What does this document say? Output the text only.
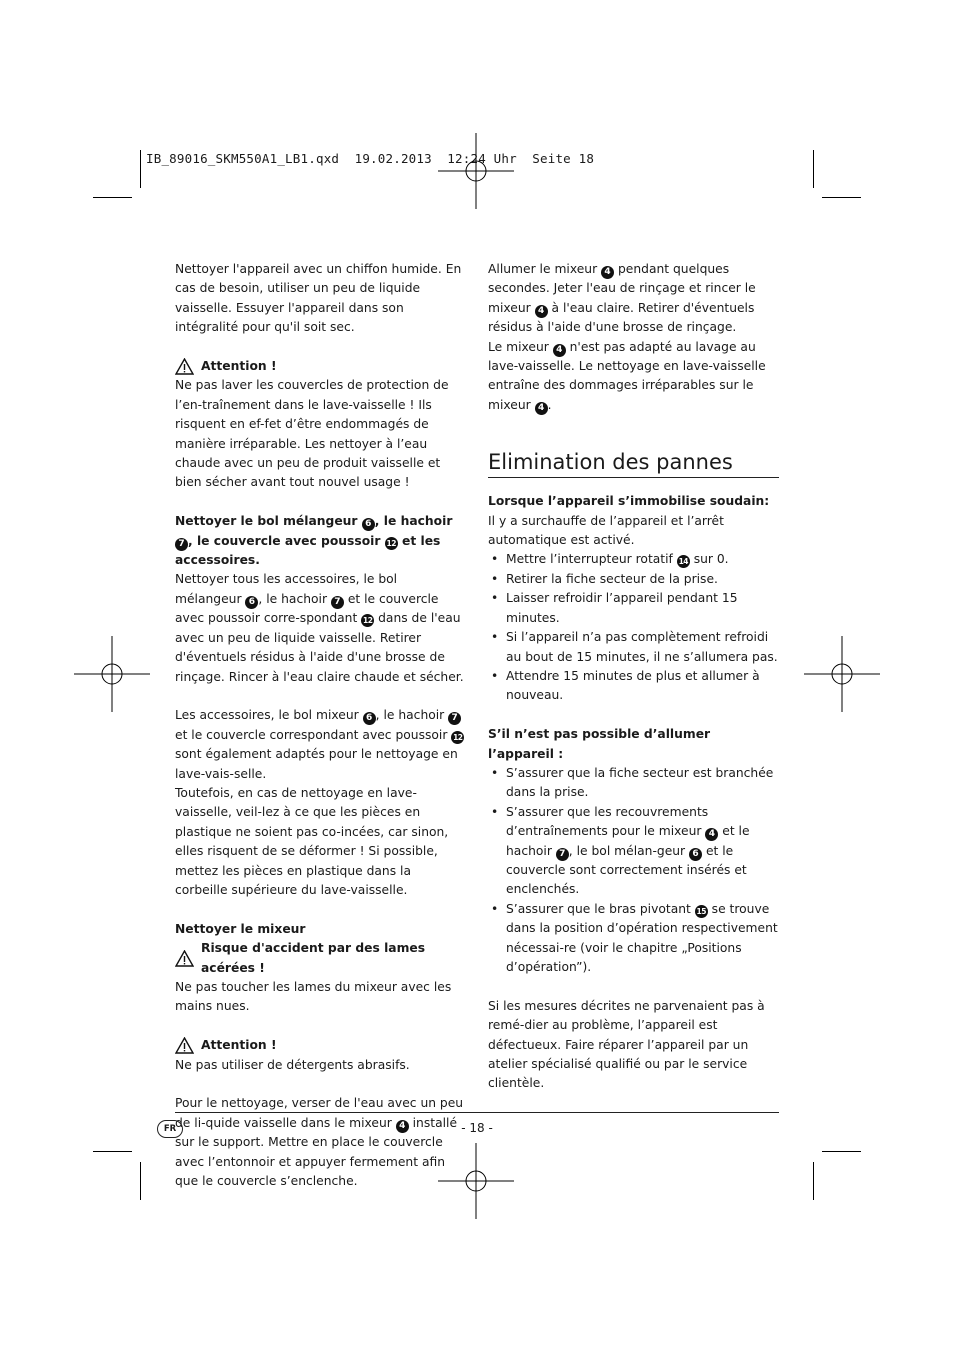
IB_89016_SKM550A1_LB1.qxd  19.02.2013  12:24 Uhr  Seite 18

Nettoyer l'appareil avec un chiffon humide. En cas de besoin, utiliser un peu de liquide vaisselle. Essuyer l'appareil dans son intégralité pour qu'il soit sec.

Attention !

Ne pas laver les couvercles de protection de l’en-traînement dans le lave-vaisselle ! Ils risquent en ef-fet d’être endommagés de manière irréparable. Les nettoyer à l’eau chaude avec un peu de produit vaisselle et bien sécher avant tout nouvel usage !

Nettoyer le bol mélangeur 6 , le hachoir 7 , le couvercle avec poussoir 12 et les accessoires.

Nettoyer tous les accessoires, le bol mélangeur 6 , le hachoir 7 et le couvercle avec poussoir corre-spondant 12 dans de l'eau avec un peu de liquide vaisselle. Retirer d'éventuels résidus à l'aide d'une brosse de rinçage. Rincer à l'eau claire chaude et sécher.

Les accessoires, le bol mixeur 6 , le hachoir 7 et le couvercle correspondant avec poussoir 12 sont également adaptés pour le nettoyage en lave-vais-selle.

Toutefois, en cas de nettoyage en lave-vaisselle, veil-lez à ce que les pièces en plastique ne soient pas co-incées, car sinon, elles risquent de se déformer ! Si possible, mettez les pièces en plastique dans la corbeille supérieure du lave-vaisselle.

Nettoyer le mixeur

Risque d'accident par des lames acérées !

Ne pas toucher les lames du mixeur avec les mains nues.

Attention !

Ne pas utiliser de détergents abrasifs.

Pour le nettoyage, verser de l'eau avec un peu de li-quide vaisselle dans le mixeur 4 installé sur le support. Mettre en place le couvercle avec l’entonnoir et appuyer fermement afin que le couvercle s’enclenche.

Allumer le mixeur 4 pendant quelques secondes. Jeter l'eau de rinçage et rincer le mixeur 4 à l'eau claire. Retirer d'éventuels résidus à l'aide d'une brosse de rinçage.

Le mixeur 4 n'est pas adapté au lavage au lave-vaisselle. Le nettoyage en lave-vaisselle entraîne des dommages irréparables sur le mixeur 4 .

Elimination des pannes

Lorsque l’appareil s’immobilise soudain:

Il y a surchauffe de l’appareil et l’arrêt automatique est activé.

• Mettre l’interrupteur rotatif 14 sur 0.
• Retirer la fiche secteur de la prise.
• Laisser refroidir l’appareil pendant 15 minutes.
• Si l’appareil n’a pas complètement refroidi au bout de 15 minutes, il ne s’allumera pas.
• Attendre 15 minutes de plus et allumer à nouveau.

S’il n’est pas possible d’allumer l’appareil :

• S’assurer que la fiche secteur est branchée dans la prise.
• S’assurer que les recouvrements d’entraînements pour le mixeur 4 et le hachoir 7 , le bol mélan-geur 6 et le couvercle sont correctement insérés et enclenchés.
• S’assurer que le bras pivotant 15 se trouve dans la position d’opération respectivement nécessai-re (voir le chapitre „Positions d’opération”).

Si les mesures décrites ne parvenaient pas à remé-dier au problème, l’appareil est défectueux. Faire réparer l’appareil par un atelier spécialisé qualifié ou par le service clientèle.

FR	- 18 -
